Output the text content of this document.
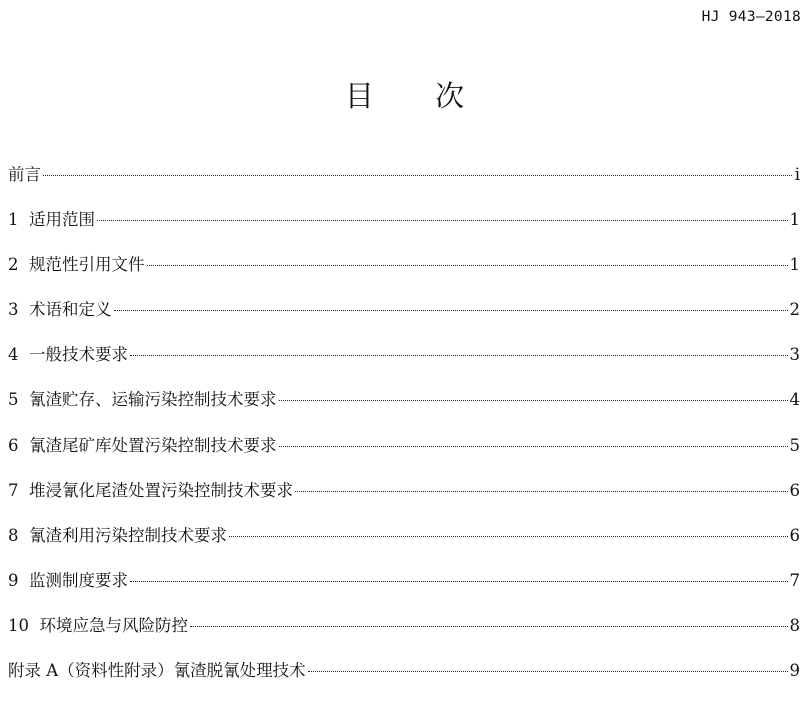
HJ 943—2018
目 次
前言	i
1 适用范围	1
2 规范性引用文件	1
3 术语和定义	2
4 一般技术要求	3
5 氰渣贮存、运输污染控制技术要求	4
6 氰渣尾矿库处置污染控制技术要求	5
7 堆浸氰化尾渣处置污染控制技术要求	6
8 氰渣利用污染控制技术要求	6
9 监测制度要求	7
10 环境应急与风险防控	8
附录 A（资料性附录）氰渣脱氰处理技术	9
